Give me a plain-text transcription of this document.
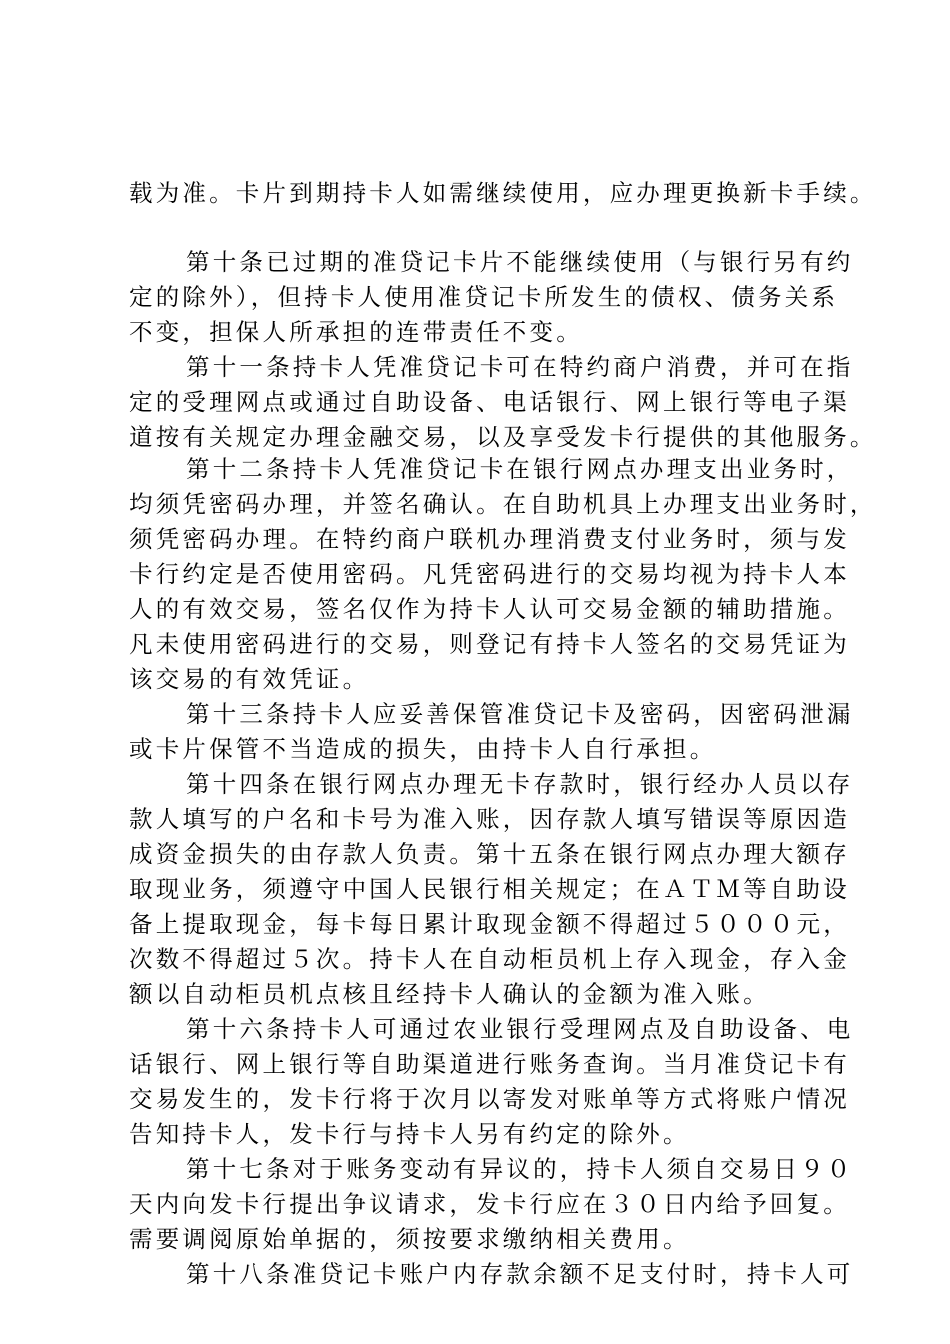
载为准。卡片到期持卡人如需继续使用，应办理更换新卡手续。
第十条已过期的准贷记卡片不能继续使用（与银行另有约
定的除外），但持卡人使用准贷记卡所发生的债权、债务关系
不变，担保人所承担的连带责任不变。
第十一条持卡人凭准贷记卡可在特约商户消费，并可在指
定的受理网点或通过自助设备、电话银行、网上银行等电子渠
道按有关规定办理金融交易，以及享受发卡行提供的其他服务。
第十二条持卡人凭准贷记卡在银行网点办理支出业务时，
均须凭密码办理，并签名确认。在自助机具上办理支出业务时，
须凭密码办理。在特约商户联机办理消费支付业务时，须与发
卡行约定是否使用密码。凡凭密码进行的交易均视为持卡人本
人的有效交易，签名仅作为持卡人认可交易金额的辅助措施。
凡未使用密码进行的交易，则登记有持卡人签名的交易凭证为
该交易的有效凭证。
第十三条持卡人应妥善保管准贷记卡及密码，因密码泄漏
或卡片保管不当造成的损失，由持卡人自行承担。
第十四条在银行网点办理无卡存款时，银行经办人员以存
款人填写的户名和卡号为准入账，因存款人填写错误等原因造
成资金损失的由存款人负责。第十五条在银行网点办理大额存
取现业务，须遵守中国人民银行相关规定；在ＡＴＭ等自助设
备上提取现金，每卡每日累计取现金额不得超过５０００元，
次数不得超过５次。持卡人在自动柜员机上存入现金，存入金
额以自动柜员机点核且经持卡人确认的金额为准入账。
第十六条持卡人可通过农业银行受理网点及自助设备、电
话银行、网上银行等自助渠道进行账务查询。当月准贷记卡有
交易发生的，发卡行将于次月以寄发对账单等方式将账户情况
告知持卡人，发卡行与持卡人另有约定的除外。
第十七条对于账务变动有异议的，持卡人须自交易日９０
天内向发卡行提出争议请求，发卡行应在３０日内给予回复。
需要调阅原始单据的，须按要求缴纳相关费用。
第十八条准贷记卡账户内存款余额不足支付时，持卡人可
